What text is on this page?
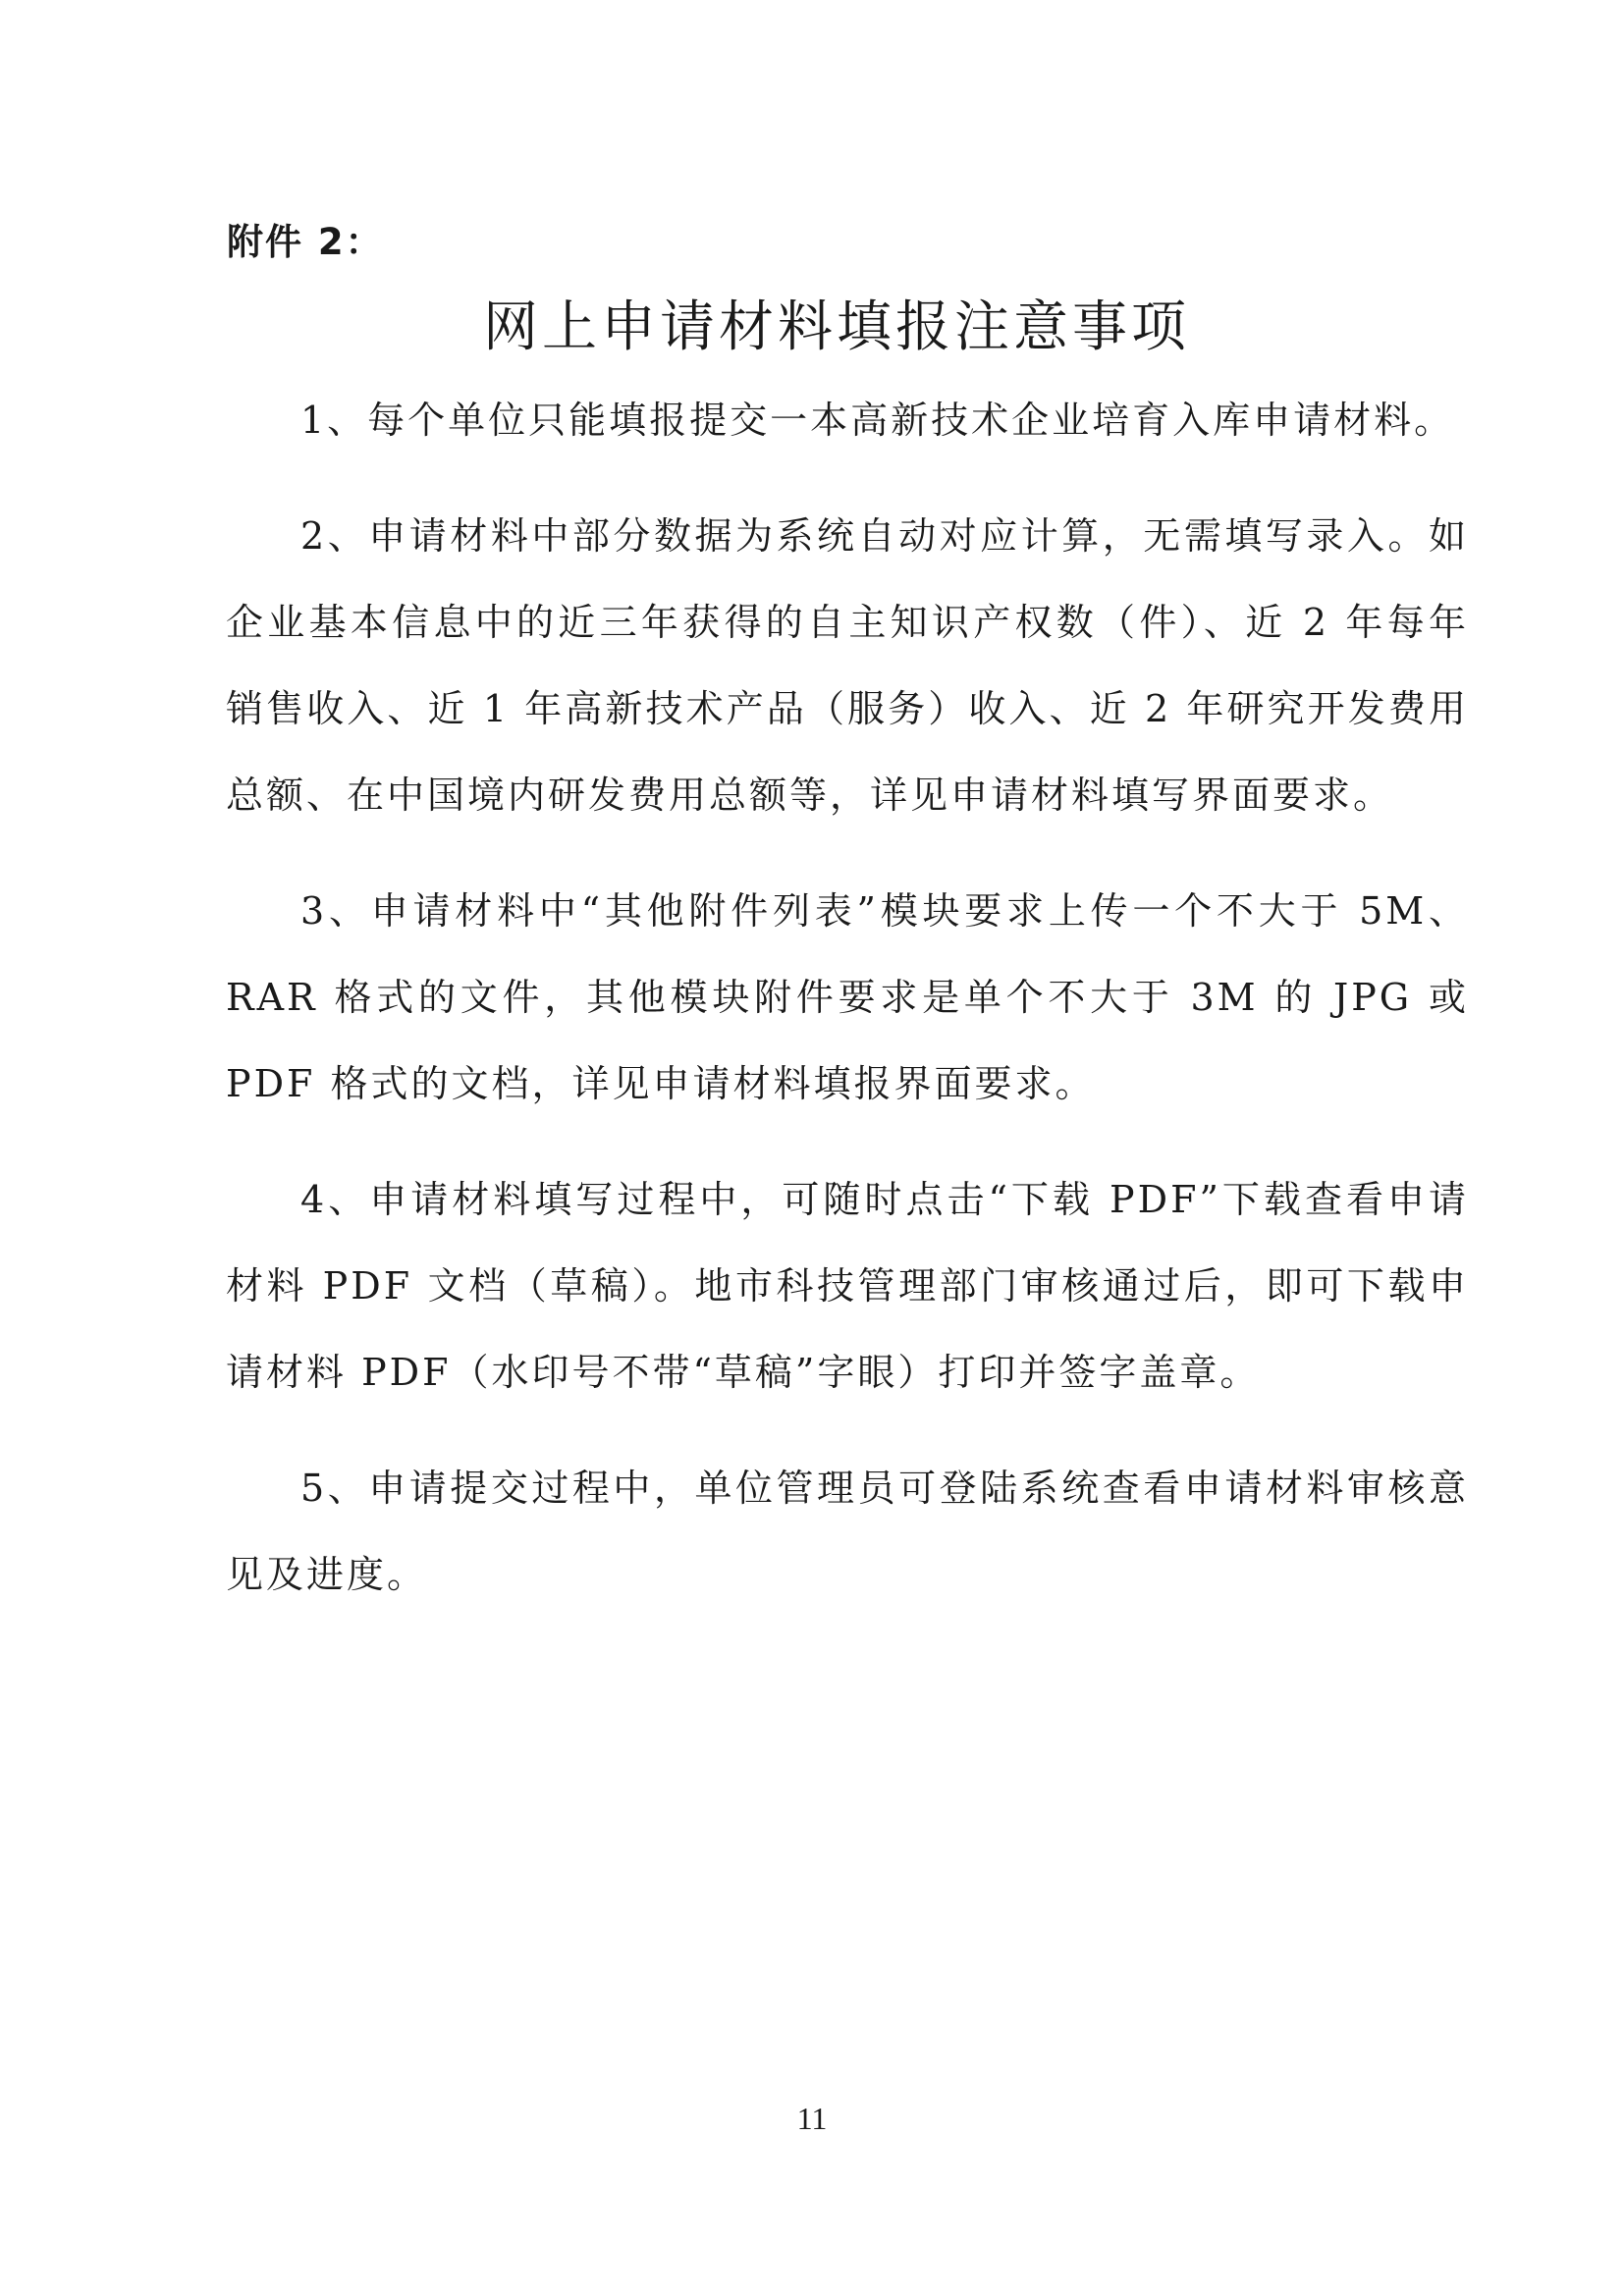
附件 2：
网上申请材料填报注意事项

1、每个单位只能填报提交一本高新技术企业培育入库申请材料。

2、申请材料中部分数据为系统自动对应计算，无需填写录入。如企业基本信息中的近三年获得的自主知识产权数（件）、近 2 年每年销售收入、近 1 年高新技术产品（服务）收入、近 2 年研究开发费用总额、在中国境内研发费用总额等，详见申请材料填写界面要求。

3、申请材料中“其他附件列表”模块要求上传一个不大于 5M、RAR 格式的文件，其他模块附件要求是单个不大于 3M 的 JPG 或 PDF 格式的文档，详见申请材料填报界面要求。

4、申请材料填写过程中，可随时点击“下载 PDF”下载查看申请材料 PDF 文档（草稿）。地市科技管理部门审核通过后，即可下载申请材料 PDF（水印号不带“草稿”字眼）打印并签字盖章。

5、申请提交过程中，单位管理员可登陆系统查看申请材料审核意见及进度。

11
